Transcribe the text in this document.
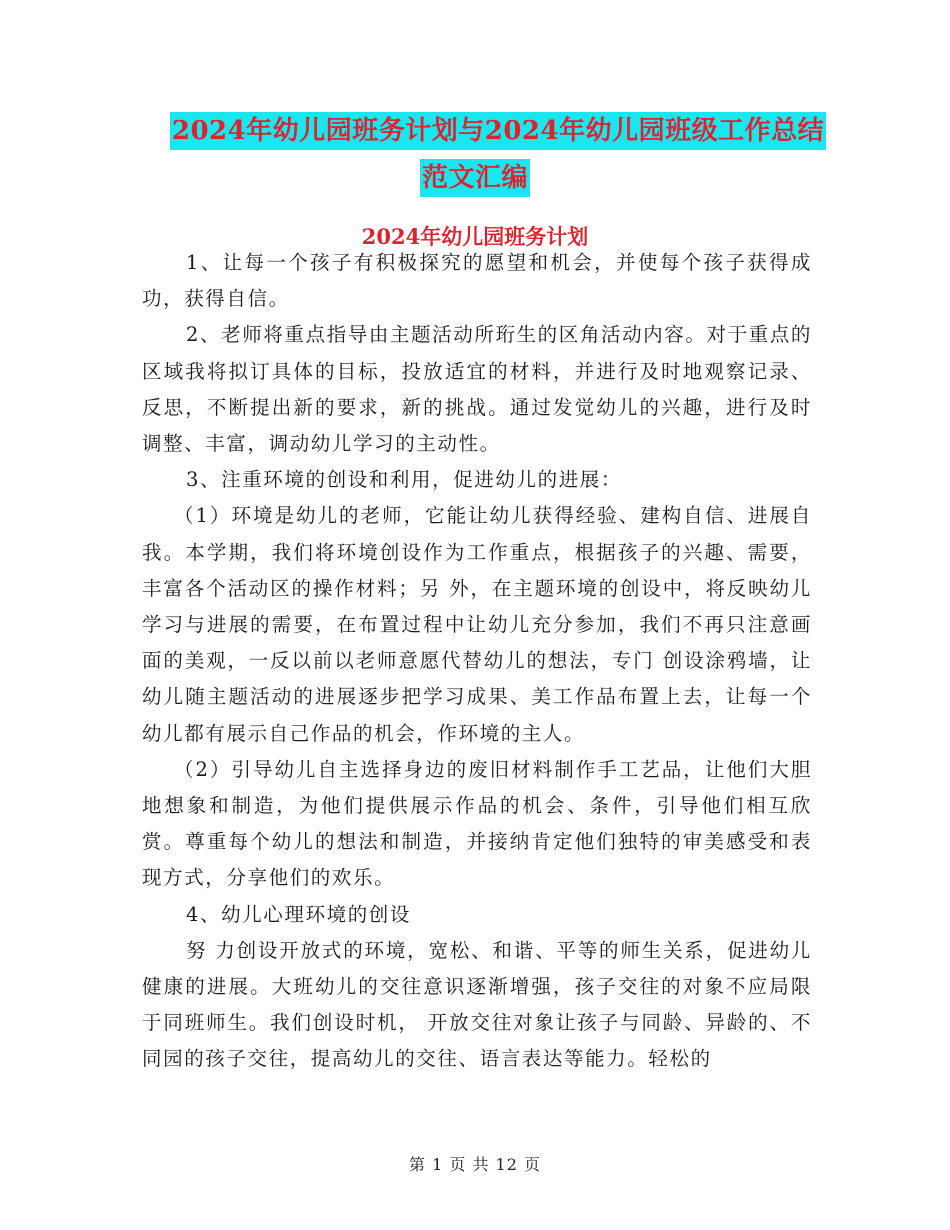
2024年幼儿园班务计划与2024年幼儿园班级工作总结
范文汇编
2024年幼儿园班务计划

1、让每一个孩子有积极探究的愿望和机会，并使每个孩子获得成功，获得自信。

2、老师将重点指导由主题活动所珩生的区角活动内容。对于重点的区域我将拟订具体的目标，投放适宜的材料，并进行及时地观察记录、反思，不断提出新的要求，新的挑战。通过发觉幼儿的兴趣，进行及时调整、丰富，调动幼儿学习的主动性。

3、注重环境的创设和利用，促进幼儿的进展：

（1）环境是幼儿的老师，它能让幼儿获得经验、建构自信、进展自我。本学期，我们将环境创设作为工作重点，根据孩子的兴趣、需要，丰富各个活动区的操作材料；另 外，在主题环境的创设中，将反映幼儿学习与进展的需要，在布置过程中让幼儿充分参加，我们不再只注意画面的美观，一反以前以老师意愿代替幼儿的想法，专门 创设涂鸦墙，让幼儿随主题活动的进展逐步把学习成果、美工作品布置上去，让每一个幼儿都有展示自己作品的机会，作环境的主人。

（2）引导幼儿自主选择身边的废旧材料制作手工艺品，让他们大胆地想象和制造，为他们提供展示作品的机会、条件，引导他们相互欣赏。尊重每个幼儿的想法和制造，并接纳肯定他们独特的审美感受和表现方式，分享他们的欢乐。

4、幼儿心理环境的创设

努 力创设开放式的环境，宽松、和谐、平等的师生关系，促进幼儿健康的进展。大班幼儿的交往意识逐渐增强，孩子交往的对象不应局限于同班师生。我们创设时机， 开放交往对象让孩子与同龄、异龄的、不同园的孩子交往，提高幼儿的交往、语言表达等能力。轻松的

第 1 页 共 12 页
